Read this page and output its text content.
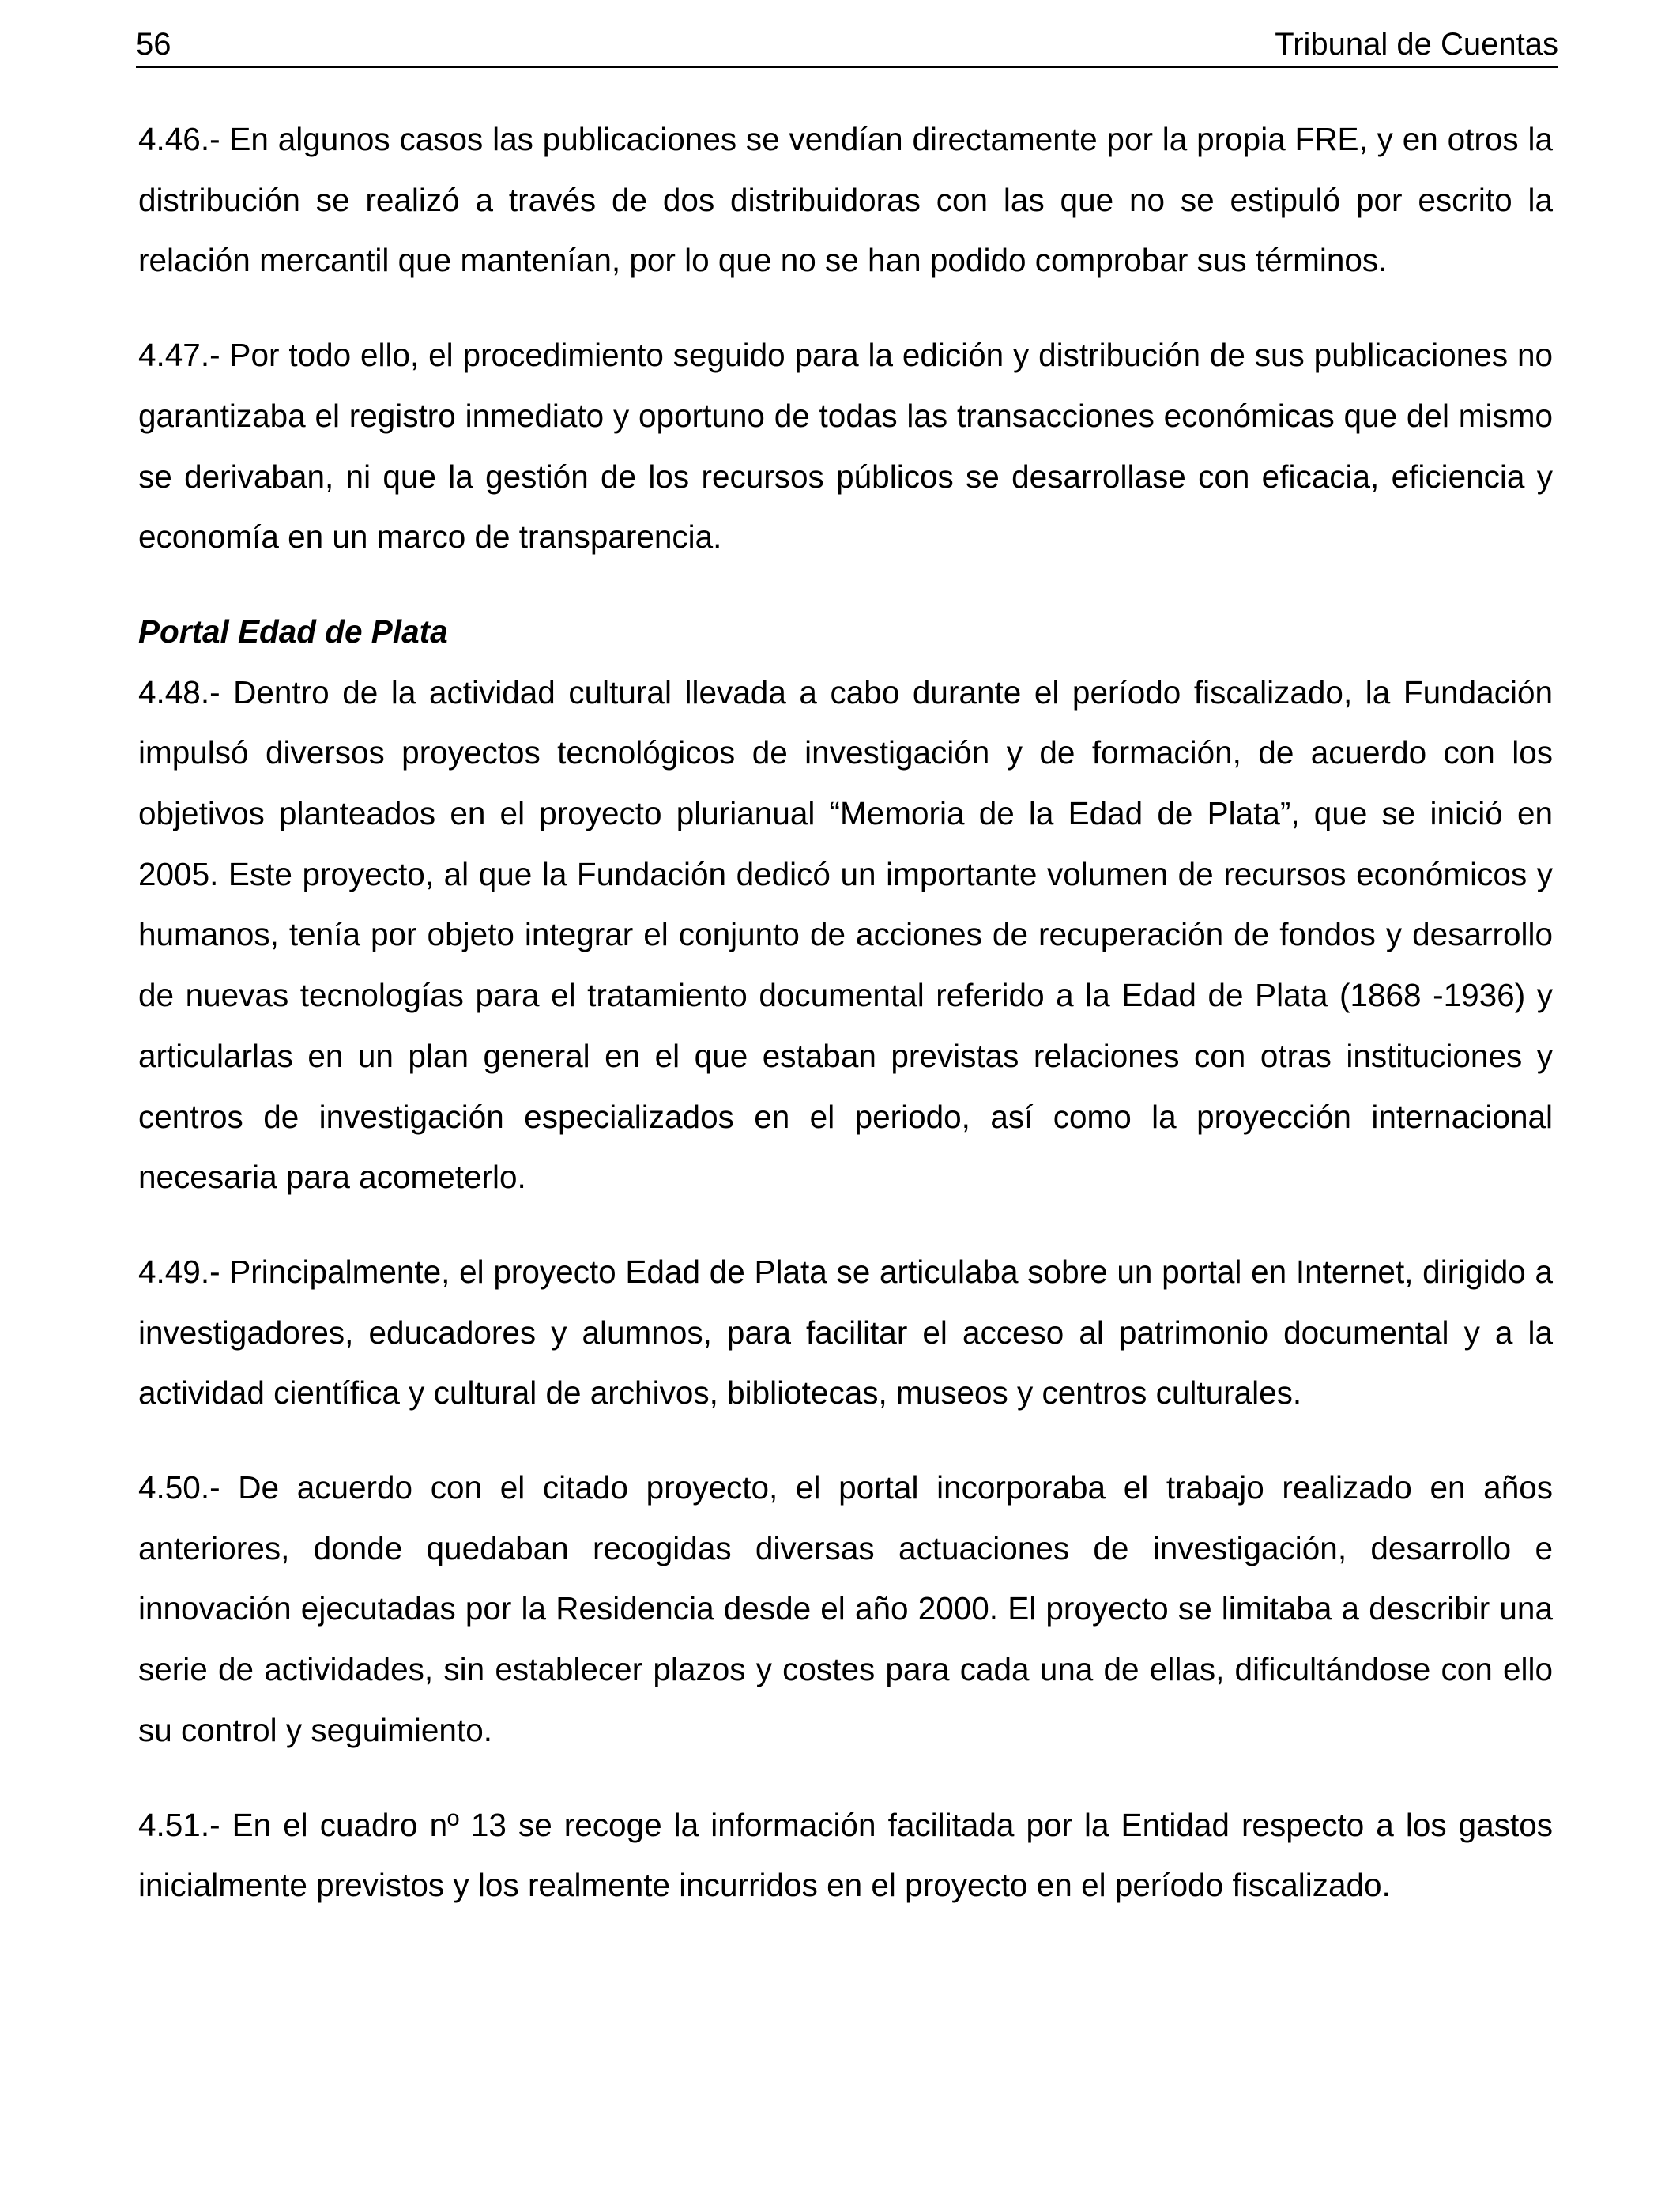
56	Tribunal de Cuentas

4.46.- En algunos casos las publicaciones se vendían directamente por la propia FRE, y en otros la distribución se realizó a través de dos distribuidoras con las que no se estipuló por escrito la relación mercantil que mantenían, por lo que no se han podido comprobar sus términos.

4.47.- Por todo ello, el procedimiento seguido para la edición y distribución de sus publicaciones no garantizaba el registro inmediato y oportuno de todas las transacciones económicas que del mismo se derivaban, ni que la gestión de los recursos públicos se desarrollase con eficacia, eficiencia y economía en un marco de transparencia.

Portal Edad de Plata

4.48.- Dentro de la actividad cultural llevada a cabo durante el período fiscalizado, la Fundación impulsó diversos proyectos tecnológicos de investigación y de formación, de acuerdo con los objetivos planteados en el proyecto plurianual “Memoria de la Edad de Plata”, que se inició en 2005. Este proyecto, al que la Fundación dedicó un importante volumen de recursos económicos y humanos, tenía por objeto integrar el conjunto de acciones de recuperación de fondos y desarrollo de nuevas tecnologías para el tratamiento documental referido a la Edad de Plata (1868 -1936) y articularlas en un plan general en el que estaban previstas relaciones con otras instituciones y centros de investigación especializados en el periodo, así como la proyección internacional necesaria para acometerlo.

4.49.- Principalmente, el proyecto Edad de Plata se articulaba sobre un portal en Internet, dirigido a investigadores, educadores y alumnos, para facilitar el acceso al patrimonio documental y a la actividad científica y cultural de archivos, bibliotecas, museos y centros culturales.

4.50.- De acuerdo con el citado proyecto, el portal incorporaba el trabajo realizado en años anteriores, donde quedaban recogidas diversas actuaciones de investigación, desarrollo e innovación ejecutadas por la Residencia desde el año 2000. El proyecto se limitaba a describir una serie de actividades, sin establecer plazos y costes para cada una de ellas, dificultándose con ello su control y seguimiento.

4.51.- En el cuadro nº 13 se recoge la información facilitada por la Entidad respecto a los gastos inicialmente previstos y los realmente incurridos en el proyecto en el período fiscalizado.
